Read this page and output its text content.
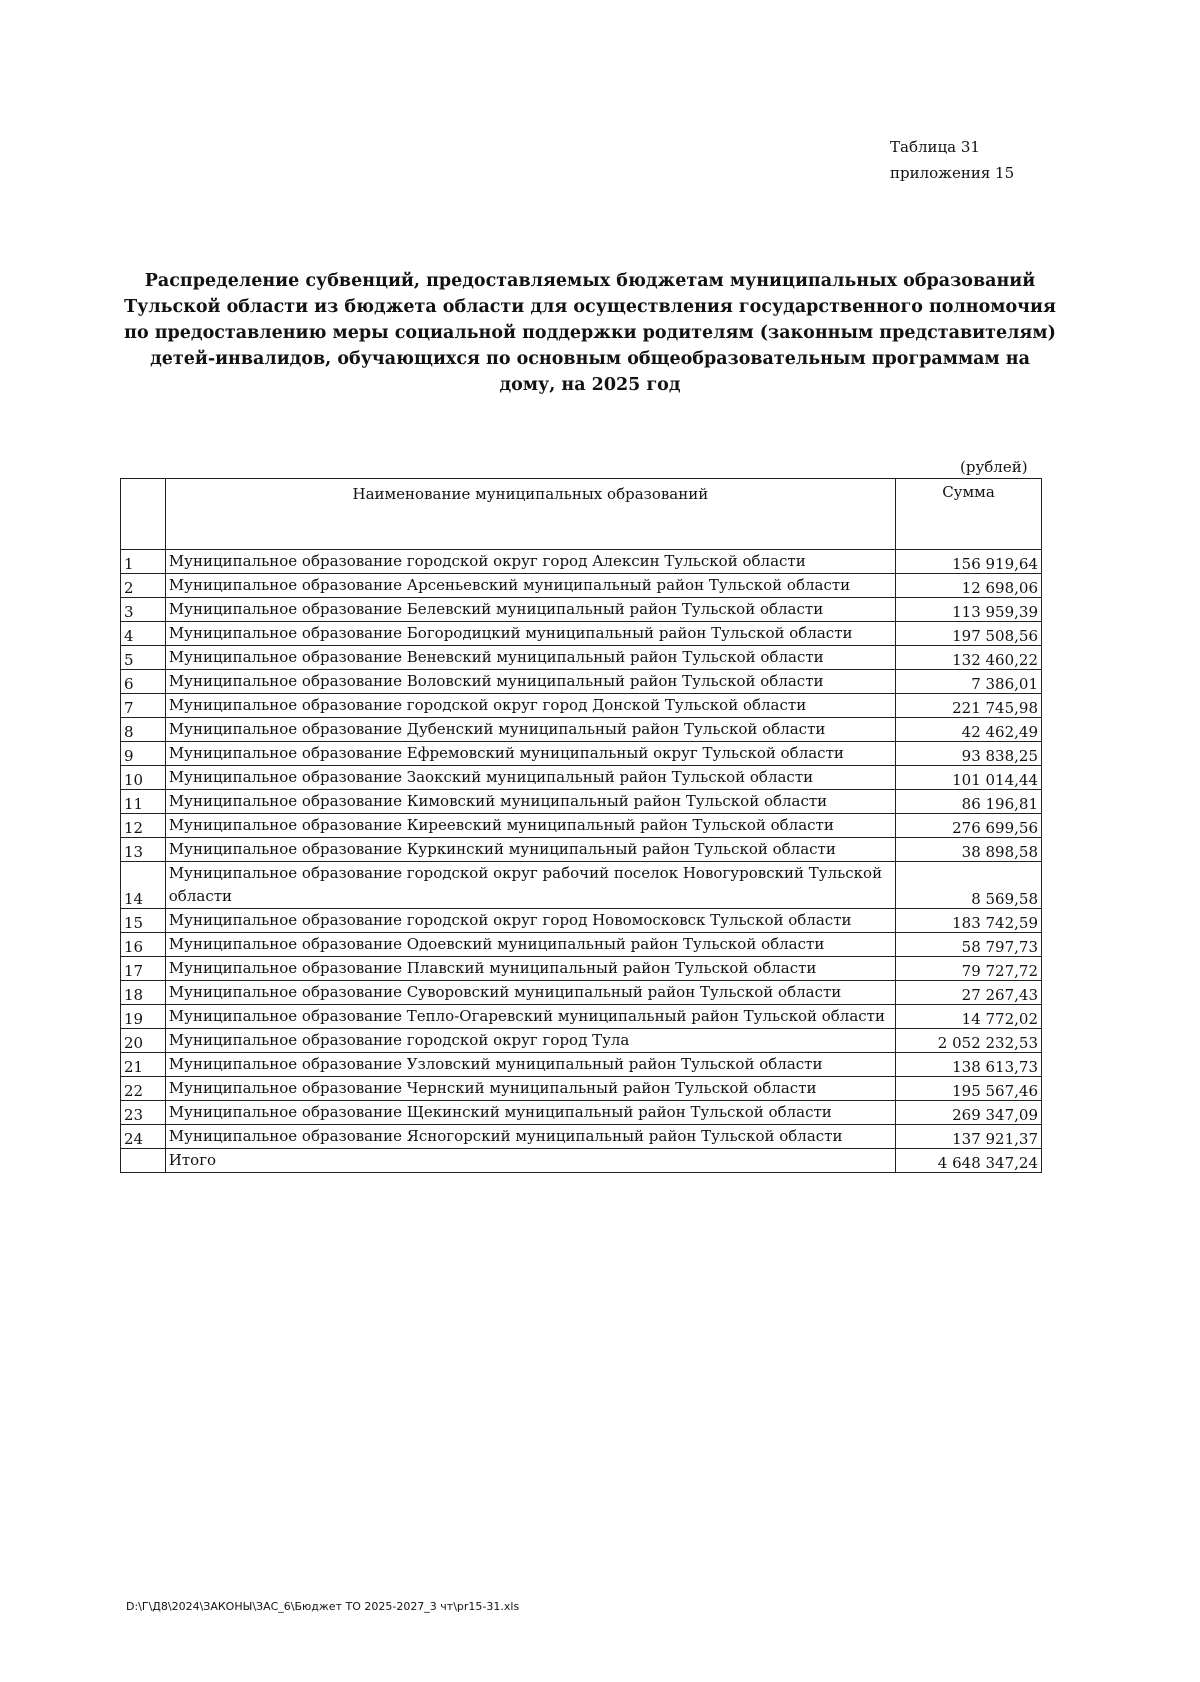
Таблица 31
приложения 15
Распределение субвенций, предоставляемых бюджетам муниципальных образований Тульской области из бюджета области для осуществления государственного полномочия по предоставлению меры социальной поддержки родителям (законным представителям) детей-инвалидов, обучающихся по основным общеобразовательным программам на дому, на 2025 год
(рублей)
	Наименование муниципальных образований	Сумма
1	Муниципальное образование городской округ город Алексин Тульской области	156 919,64
2	Муниципальное образование Арсеньевский муниципальный район Тульской области	12 698,06
3	Муниципальное образование Белевский муниципальный район Тульской области	113 959,39
4	Муниципальное образование Богородицкий муниципальный район Тульской области	197 508,56
5	Муниципальное образование Веневский муниципальный район Тульской области	132 460,22
6	Муниципальное образование Воловский муниципальный район Тульской области	7 386,01
7	Муниципальное образование городской округ город Донской Тульской области	221 745,98
8	Муниципальное образование Дубенский муниципальный район Тульской области	42 462,49
9	Муниципальное образование Ефремовский муниципальный округ Тульской области	93 838,25
10	Муниципальное образование Заокский муниципальный район Тульской области	101 014,44
11	Муниципальное образование Кимовский муниципальный район Тульской области	86 196,81
12	Муниципальное образование Киреевский муниципальный район Тульской области	276 699,56
13	Муниципальное образование Куркинский муниципальный район Тульской области	38 898,58
14	Муниципальное образование городской округ рабочий поселок Новогуровский Тульской области	8 569,58
15	Муниципальное образование городской округ город Новомосковск Тульской области	183 742,59
16	Муниципальное образование Одоевский муниципальный район Тульской области	58 797,73
17	Муниципальное образование Плавский муниципальный район Тульской области	79 727,72
18	Муниципальное образование Суворовский муниципальный район Тульской области	27 267,43
19	Муниципальное образование Тепло-Огаревский муниципальный район Тульской области	14 772,02
20	Муниципальное образование городской округ город Тула	2 052 232,53
21	Муниципальное образование Узловский муниципальный район Тульской области	138 613,73
22	Муниципальное образование Чернский муниципальный район Тульской области	195 567,46
23	Муниципальное образование Щекинский муниципальный район Тульской области	269 347,09
24	Муниципальное образование Ясногорский муниципальный район Тульской области	137 921,37
	Итого	4 648 347,24
D:\Г\Д8\2024\ЗАКОНЫ\ЗАС_6\Бюджет ТО 2025-2027_3 чт\pr15-31.xls
